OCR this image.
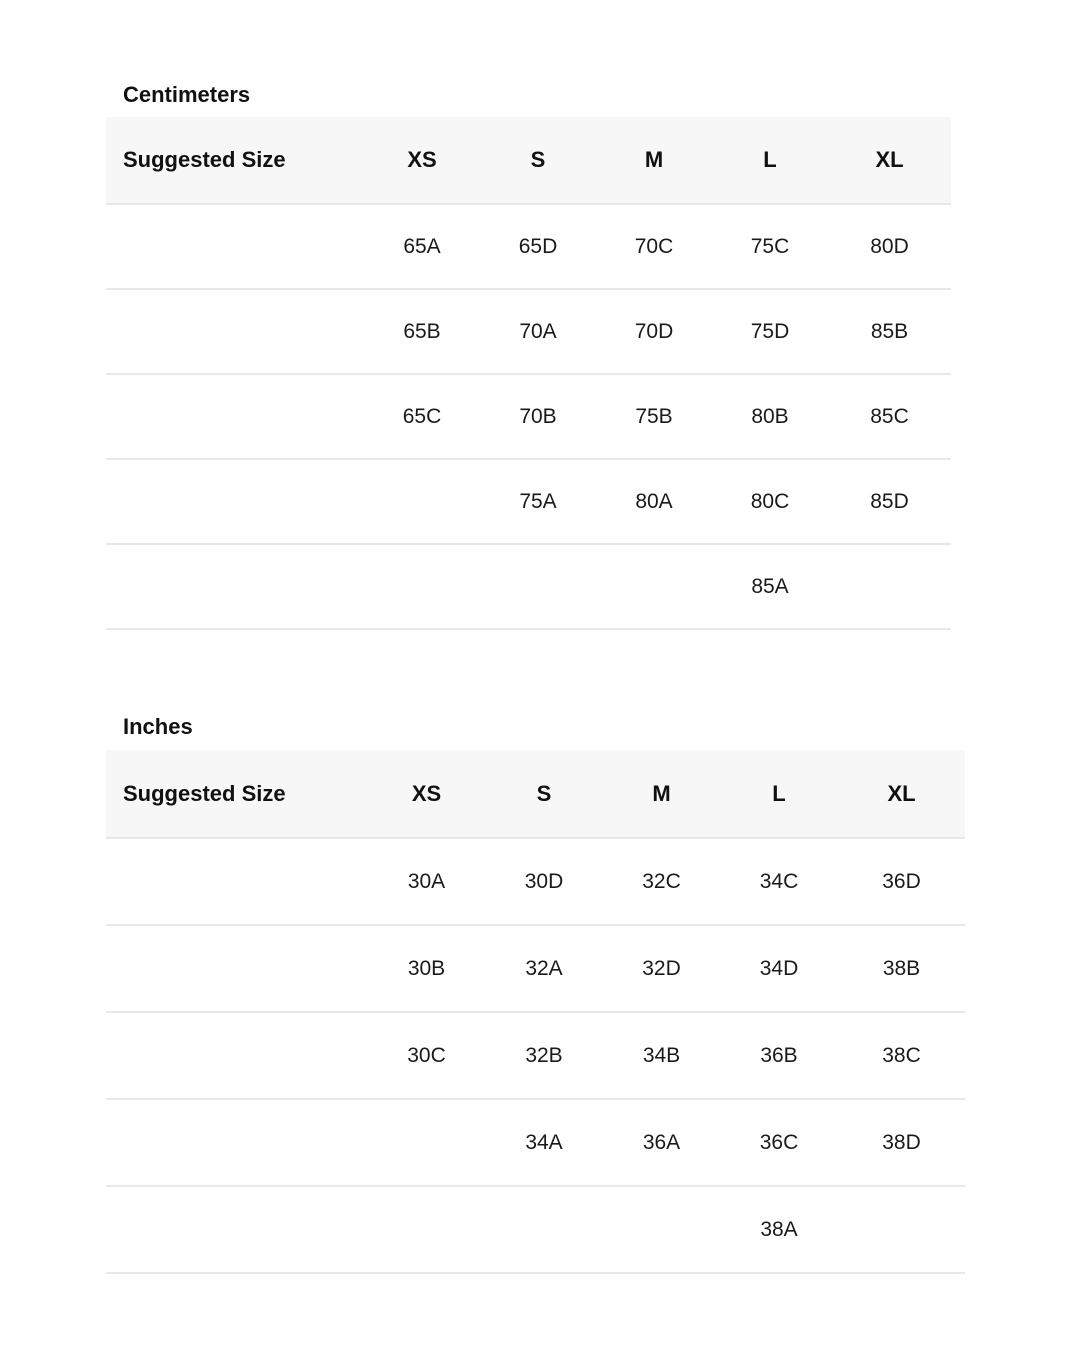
Centimeters
Suggested Size	XS	S	M	L	XL
	65A	65D	70C	75C	80D
	65B	70A	70D	75D	85B
	65C	70B	75B	80B	85C
		75A	80A	80C	85D
				85A	
Inches
Suggested Size	XS	S	M	L	XL
	30A	30D	32C	34C	36D
	30B	32A	32D	34D	38B
	30C	32B	34B	36B	38C
		34A	36A	36C	38D
				38A	
